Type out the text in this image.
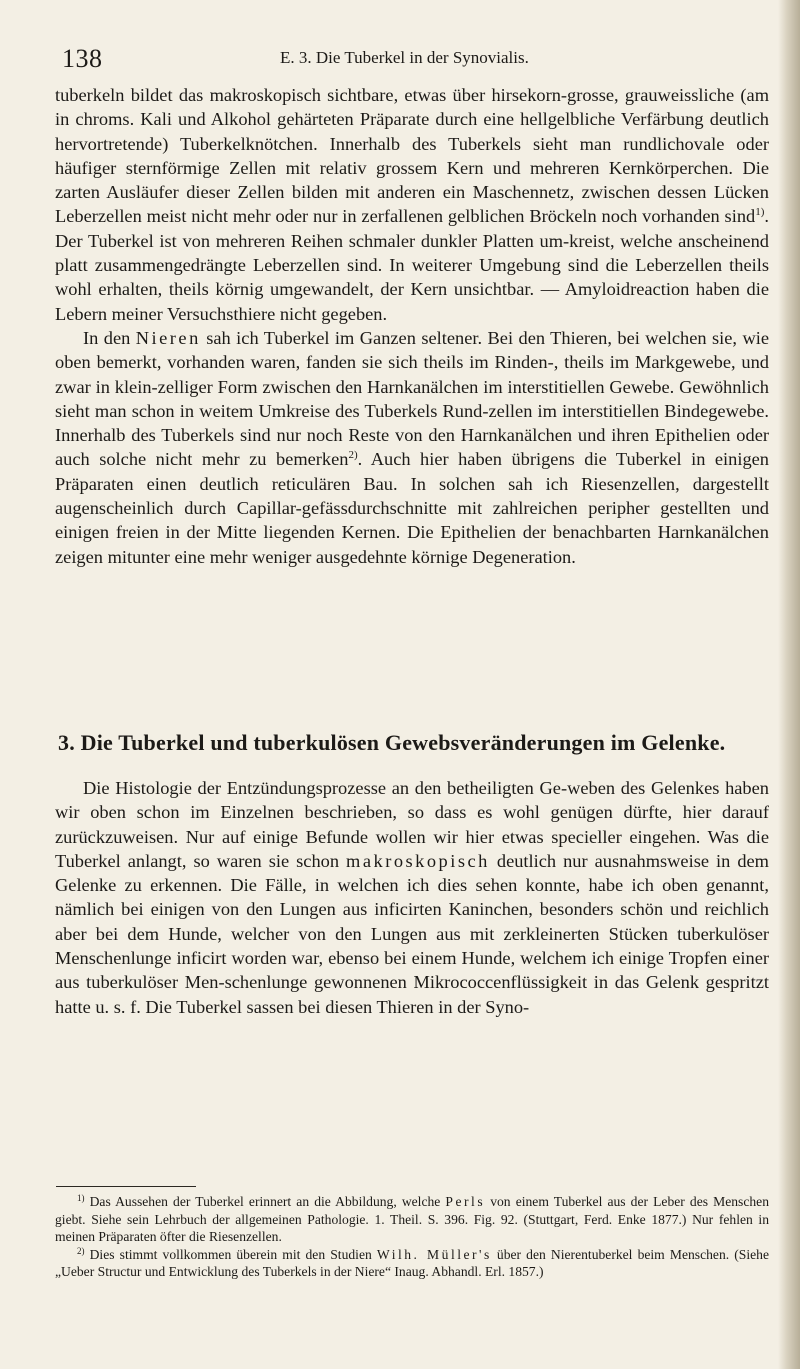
138	E. 3. Die Tuberkel in der Synovialis.

tuberkeln bildet das makroskopisch sichtbare, etwas über hirsekorn-grosse, grauweissliche (am in chroms. Kali und Alkohol gehärteten Präparate durch eine hellgelbliche Verfärbung deutlich hervortretende) Tuberkelknötchen. Innerhalb des Tuberkels sieht man rundlichovale oder häufiger sternförmige Zellen mit relativ grossem Kern und mehreren Kernkörperchen. Die zarten Ausläufer dieser Zellen bilden mit anderen ein Maschennetz, zwischen dessen Lücken Leberzellen meist nicht mehr oder nur in zerfallenen gelblichen Bröckeln noch vorhanden sind$^{1)}$. Der Tuberkel ist von mehreren Reihen schmaler dunkler Platten um-kreist, welche anscheinend platt zusammengedrängte Leberzellen sind. In weiterer Umgebung sind die Leberzellen theils wohl erhalten, theils körnig umgewandelt, der Kern unsichtbar. — Amyloidreaction haben die Lebern meiner Versuchsthiere nicht gegeben.

In den Nieren sah ich Tuberkel im Ganzen seltener. Bei den Thieren, bei welchen sie, wie oben bemerkt, vorhanden waren, fanden sie sich theils im Rinden-, theils im Markgewebe, und zwar in klein-zelliger Form zwischen den Harnkanälchen im interstitiellen Gewebe. Gewöhnlich sieht man schon in weitem Umkreise des Tuberkels Rund-zellen im interstitiellen Bindegewebe. Innerhalb des Tuberkels sind nur noch Reste von den Harnkanälchen und ihren Epithelien oder auch solche nicht mehr zu bemerken$^{2)}$. Auch hier haben übrigens die Tuberkel in einigen Präparaten einen deutlich reticulären Bau. In solchen sah ich Riesenzellen, dargestellt augenscheinlich durch Capillar-gefässdurchschnitte mit zahlreichen peripher gestellten und einigen freien in der Mitte liegenden Kernen. Die Epithelien der benachbarten Harnkanälchen zeigen mitunter eine mehr weniger ausgedehnte körnige Degeneration.

3. Die Tuberkel und tuberkulösen Gewebsveränderungen im Gelenke.

Die Histologie der Entzündungsprozesse an den betheiligten Ge-weben des Gelenkes haben wir oben schon im Einzelnen beschrieben, so dass es wohl genügen dürfte, hier darauf zurückzuweisen. Nur auf einige Befunde wollen wir hier etwas specieller eingehen. Was die Tuberkel anlangt, so waren sie schon makroskopisch deutlich nur ausnahmsweise in dem Gelenke zu erkennen. Die Fälle, in welchen ich dies sehen konnte, habe ich oben genannt, nämlich bei einigen von den Lungen aus inficirten Kaninchen, besonders schön und reichlich aber bei dem Hunde, welcher von den Lungen aus mit zerkleinerten Stücken tuberkulöser Menschenlunge inficirt worden war, ebenso bei einem Hunde, welchem ich einige Tropfen einer aus tuberkulöser Men-schenlunge gewonnenen Mikrococcenflüssigkeit in das Gelenk gespritzt hatte u. s. f. Die Tuberkel sassen bei diesen Thieren in der Syno-

$^{1)}$ Das Aussehen der Tuberkel erinnert an die Abbildung, welche Perls von einem Tuberkel aus der Leber des Menschen giebt. Siehe sein Lehrbuch der allgemeinen Pathologie. 1. Theil. S. 396. Fig. 92. (Stuttgart, Ferd. Enke 1877.) Nur fehlen in meinen Präparaten öfter die Riesenzellen.

$^{2)}$ Dies stimmt vollkommen überein mit den Studien Wilh. Müller's über den Nierentuberkel beim Menschen. (Siehe „Ueber Structur und Entwicklung des Tuberkels in der Niere“ Inaug. Abhandl. Erl. 1857.)
